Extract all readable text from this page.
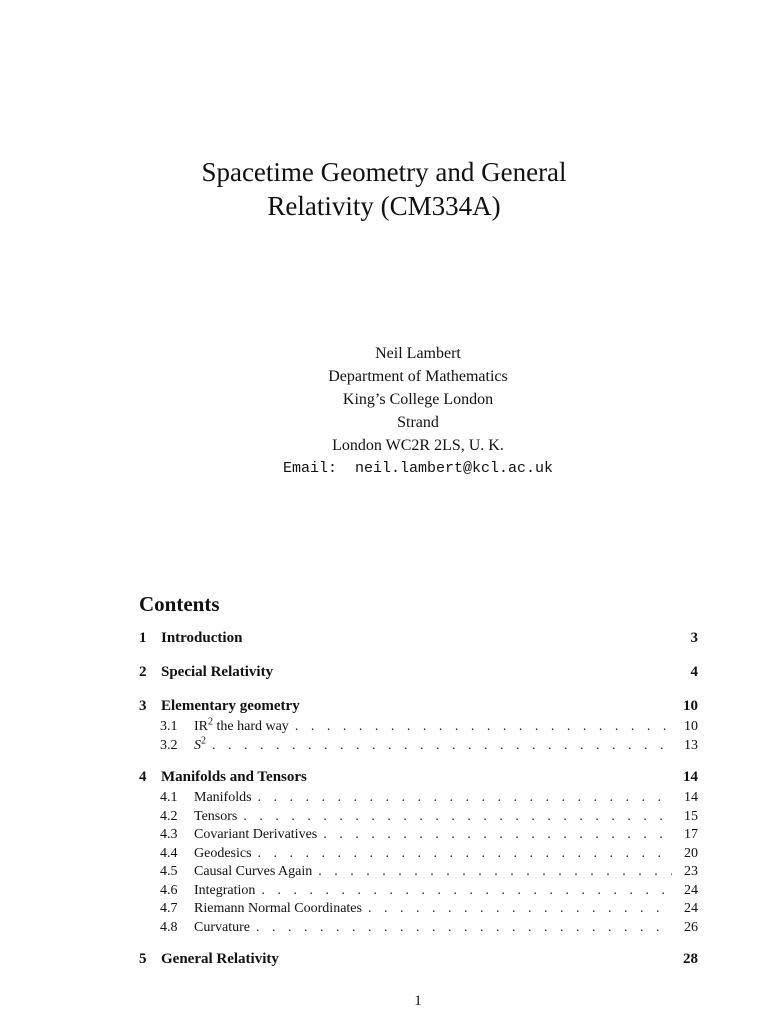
Spacetime Geometry and General
Relativity (CM334A)
Neil Lambert
Department of Mathematics
King’s College London
Strand
London WC2R 2LS, U. K.
Email: neil.lambert@kcl.ac.uk
Contents
1 Introduction	3
2 Special Relativity	4
3 Elementary geometry	10
3.1	$IR^2$ the hard way . . .	10
3.2	$S^2$ . . .	13
4 Manifolds and Tensors	14
4.1	Manifolds . . .	14
4.2	Tensors . . .	15
4.3	Covariant Derivatives . . .	17
4.4	Geodesics . . .	20
4.5	Causal Curves Again . . .	23
4.6	Integration . . .	24
4.7	Riemann Normal Coordinates . . .	24
4.8	Curvature . . .	26
5 General Relativity	28
1
